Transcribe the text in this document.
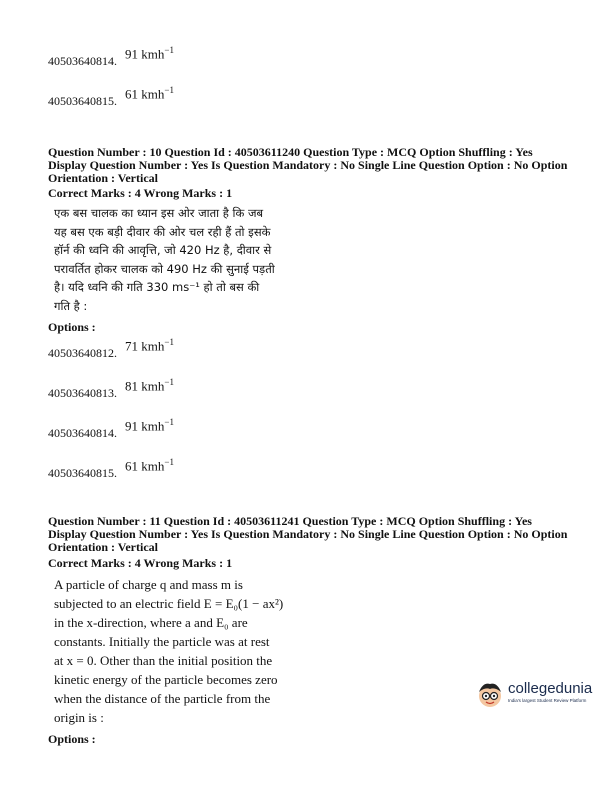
40503640814. 91 kmh$^{-1}$
40503640815. 61 kmh$^{-1}$
Question Number : 10 Question Id : 40503611240 Question Type : MCQ Option Shuffling : Yes
Display Question Number : Yes Is Question Mandatory : No Single Line Question Option : No Option
Orientation : Vertical
Correct Marks : 4 Wrong Marks : 1
एक बस चालक का ध्यान इस ओर जाता है कि जब
यह बस एक बड़ी दीवार की ओर चल रही हैं तो इसके
हॉर्न की ध्वनि की आवृत्ति, जो 420 Hz है, दीवार से
परावर्तित होकर चालक को 490 Hz की सुनाई पड़ती
है। यदि ध्वनि की गति 330 ms⁻¹ हो तो बस की
गति है :
Options :
40503640812. 71 kmh$^{-1}$
40503640813. 81 kmh$^{-1}$
40503640814. 91 kmh$^{-1}$
40503640815. 61 kmh$^{-1}$
Question Number : 11 Question Id : 40503611241 Question Type : MCQ Option Shuffling : Yes
Display Question Number : Yes Is Question Mandatory : No Single Line Question Option : No Option
Orientation : Vertical
Correct Marks : 4 Wrong Marks : 1
A particle of charge q and mass m is
subjected to an electric field E = E₀(1 − ax²)
in the x-direction, where a and E₀ are
constants. Initially the particle was at rest
at x = 0. Other than the initial position the
kinetic energy of the particle becomes zero
when the distance of the particle from the
origin is :
Options :
collegedunia
India's largest Student Review Platform
